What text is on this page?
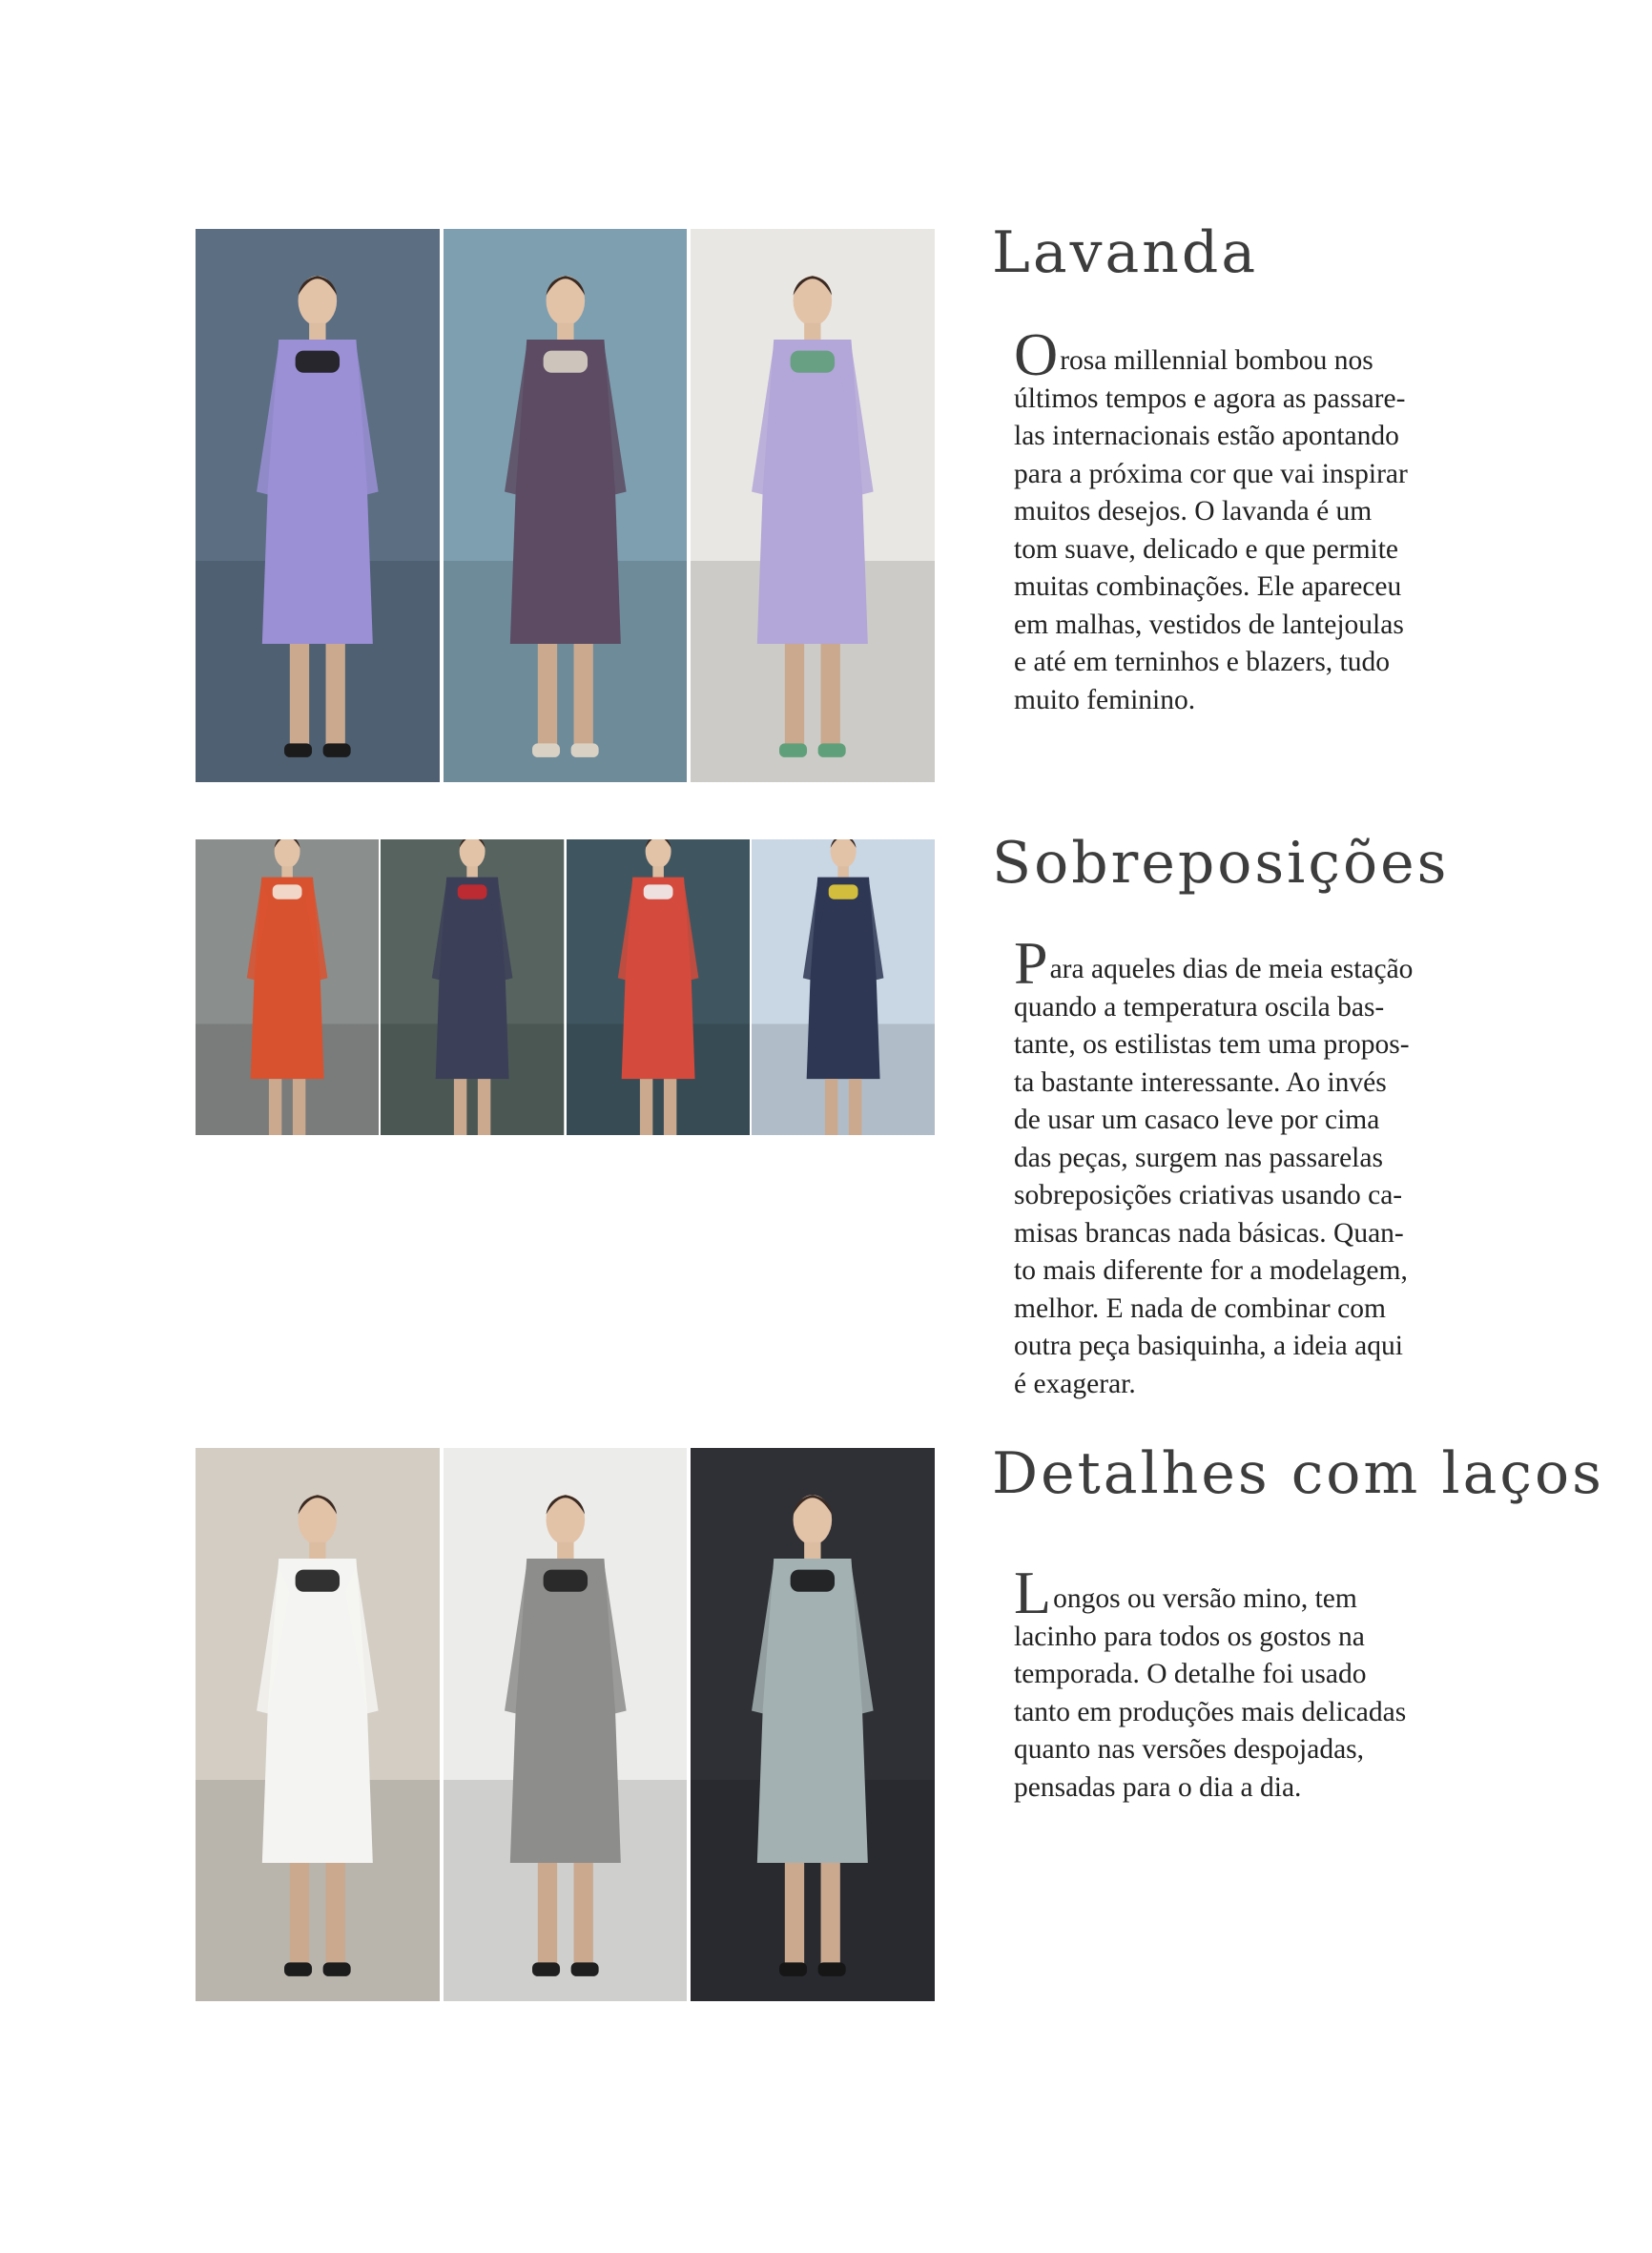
Lavanda

Orosa millennial bombou nos
últimos tempos e agora as passare-
las internacionais estão apontando
para a próxima cor que vai inspirar
muitos desejos. O lavanda é um
tom suave, delicado e que permite
muitas combinações. Ele apareceu
em malhas, vestidos de lantejoulas
e até em terninhos e blazers, tudo
muito feminino.

Sobreposições

Para aqueles dias de meia estação
quando a temperatura oscila bas-
tante, os estilistas tem uma propos-
ta bastante interessante. Ao invés
de usar um casaco leve por cima
das peças, surgem nas passarelas
sobreposições criativas usando ca-
misas brancas nada básicas. Quan-
to mais diferente for a modelagem,
melhor. E nada de combinar com
outra peça basiquinha, a ideia aqui
é exagerar.

Detalhes com laços

Longos ou versão mino, tem
lacinho para todos os gostos na
temporada. O detalhe foi usado
tanto em produções mais delicadas
quanto nas versões despojadas,
pensadas para o dia a dia.
